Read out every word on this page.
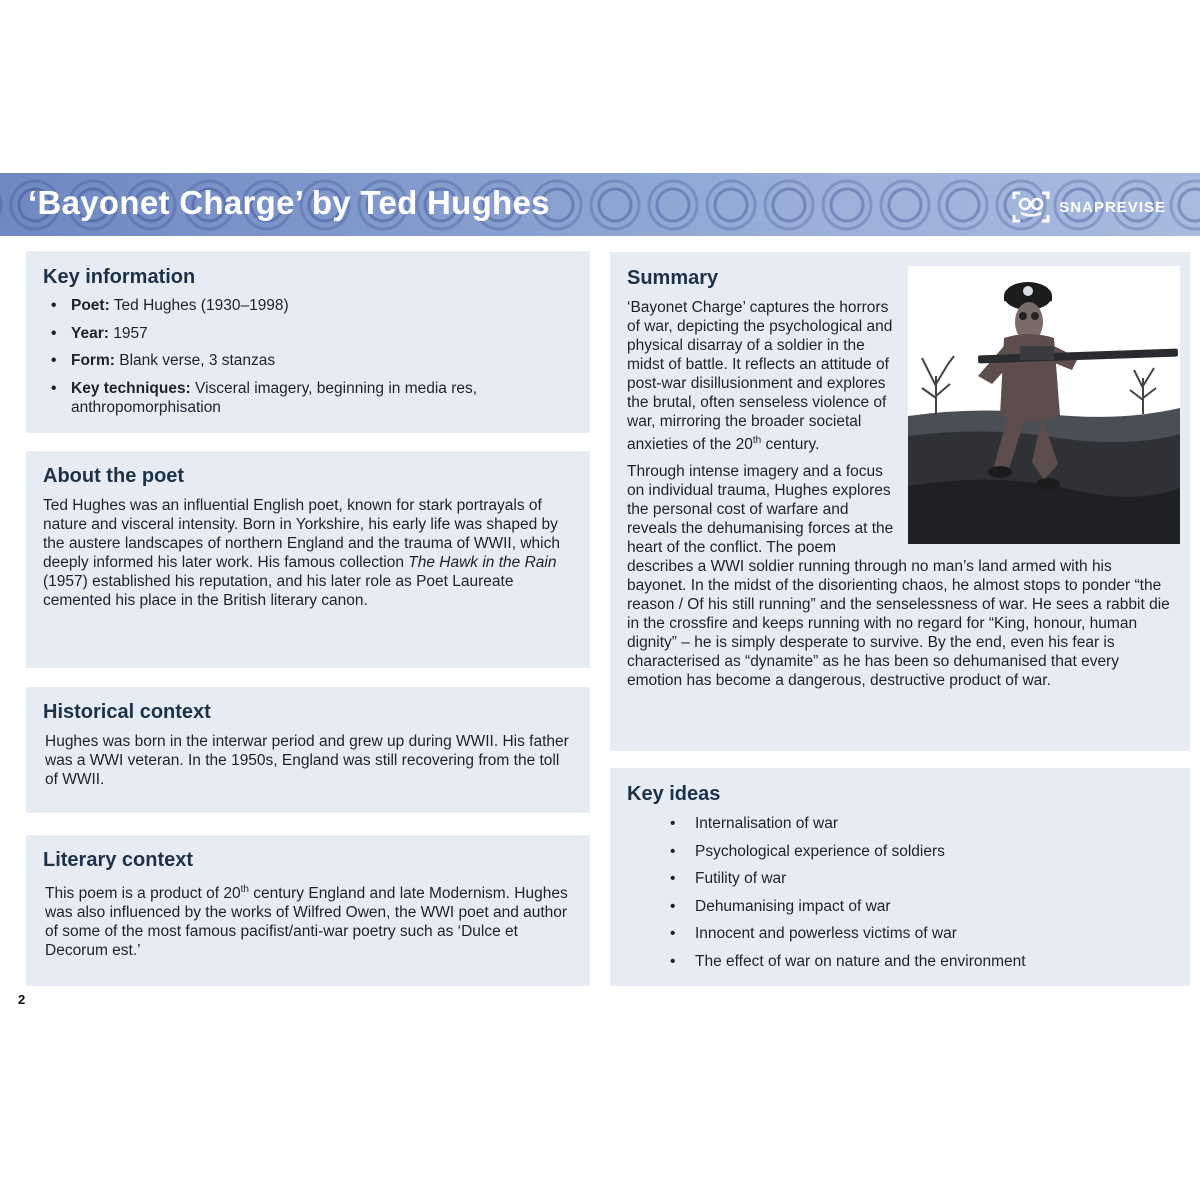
‘Bayonet Charge’ by Ted Hughes	SNAPREVISE
Key information
• Poet: Ted Hughes (1930–1998)
• Year: 1957
• Form: Blank verse, 3 stanzas
• Key techniques: Visceral imagery, beginning in media res, anthropomorphisation
About the poet

Ted Hughes was an influential English poet, known for stark portrayals of nature and visceral intensity. Born in Yorkshire, his early life was shaped by the austere landscapes of northern England and the trauma of WWII, which deeply informed his later work. His famous collection The Hawk in the Rain (1957) established his reputation, and his later role as Poet Laureate cemented his place in the British literary canon.

Historical context

Hughes was born in the interwar period and grew up during WWII. His father was a WWI veteran. In the 1950s, England was still recovering from the toll of WWII.

Literary context

This poem is a product of 20th century England and late Modernism. Hughes was also influenced by the works of Wilfred Owen, the WWI poet and author of some of the most famous pacifist/anti-war poetry such as ‘Dulce et Decorum est.’

Summary

‘Bayonet Charge’ captures the horrors of war, depicting the psychological and physical disarray of a soldier in the midst of battle. It reflects an attitude of post-war disillusionment and explores the brutal, often senseless violence of war, mirroring the broader societal anxieties of the 20th century.

Through intense imagery and a focus on individual trauma, Hughes explores the personal cost of warfare and reveals the dehumanising forces at the heart of the conflict. The poem describes a WWI soldier running through no man’s land armed with his bayonet. In the midst of the disorienting chaos, he almost stops to ponder “the reason / Of his still running” and the senselessness of war. He sees a rabbit die in the crossfire and keeps running with no regard for “King, honour, human dignity” – he is simply desperate to survive. By the end, even his fear is characterised as “dynamite” as he has been so dehumanised that every emotion has become a dangerous, destructive product of war.

Key ideas
• Internalisation of war
• Psychological experience of soldiers
• Futility of war
• Dehumanising impact of war
• Innocent and powerless victims of war
• The effect of war on nature and the environment
2
